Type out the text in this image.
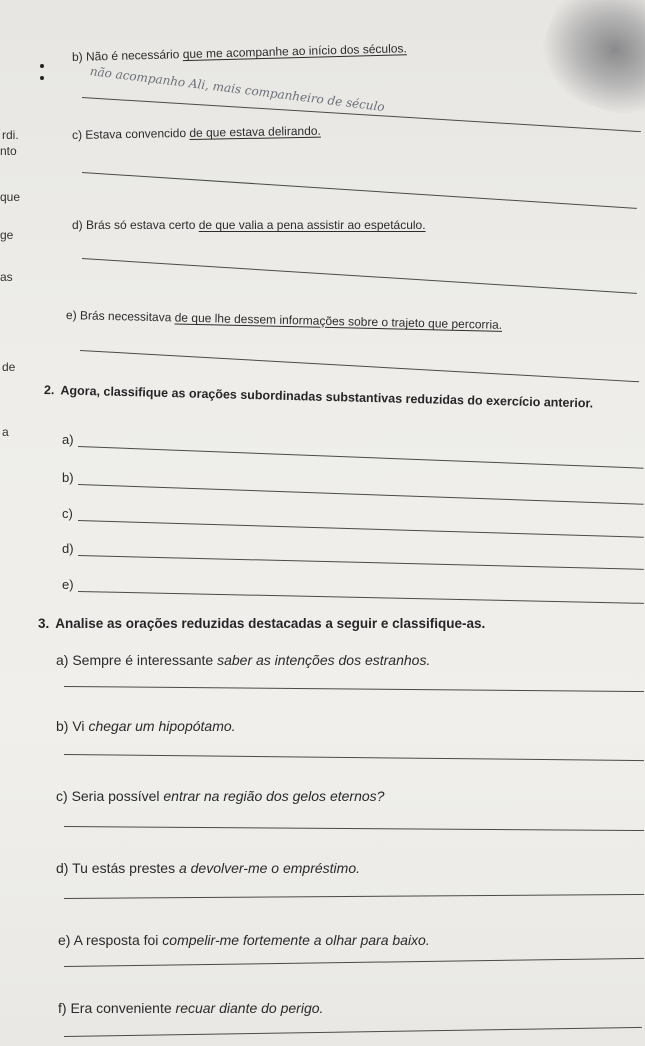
rdi.
nto
que
ge
as
de
a
b) Não é necessário que me acompanhe ao início dos séculos.
não acompanho Ali, mais companheiro de século
c) Estava convencido de que estava delirando.
d) Brás só estava certo de que valia a pena assistir ao espetáculo.
e) Brás necessitava de que lhe dessem informações sobre o trajeto que percorria.
2. Agora, classifique as orações subordinadas substantivas reduzidas do exercício anterior.
a)
b)
c)
d)
e)
3. Analise as orações reduzidas destacadas a seguir e classifique-as.
a) Sempre é interessante saber as intenções dos estranhos.
b) Vi chegar um hipopótamo.
c) Seria possível entrar na região dos gelos eternos?
d) Tu estás prestes a devolver-me o empréstimo.
e) A resposta foi compelir-me fortemente a olhar para baixo.
f) Era conveniente recuar diante do perigo.
